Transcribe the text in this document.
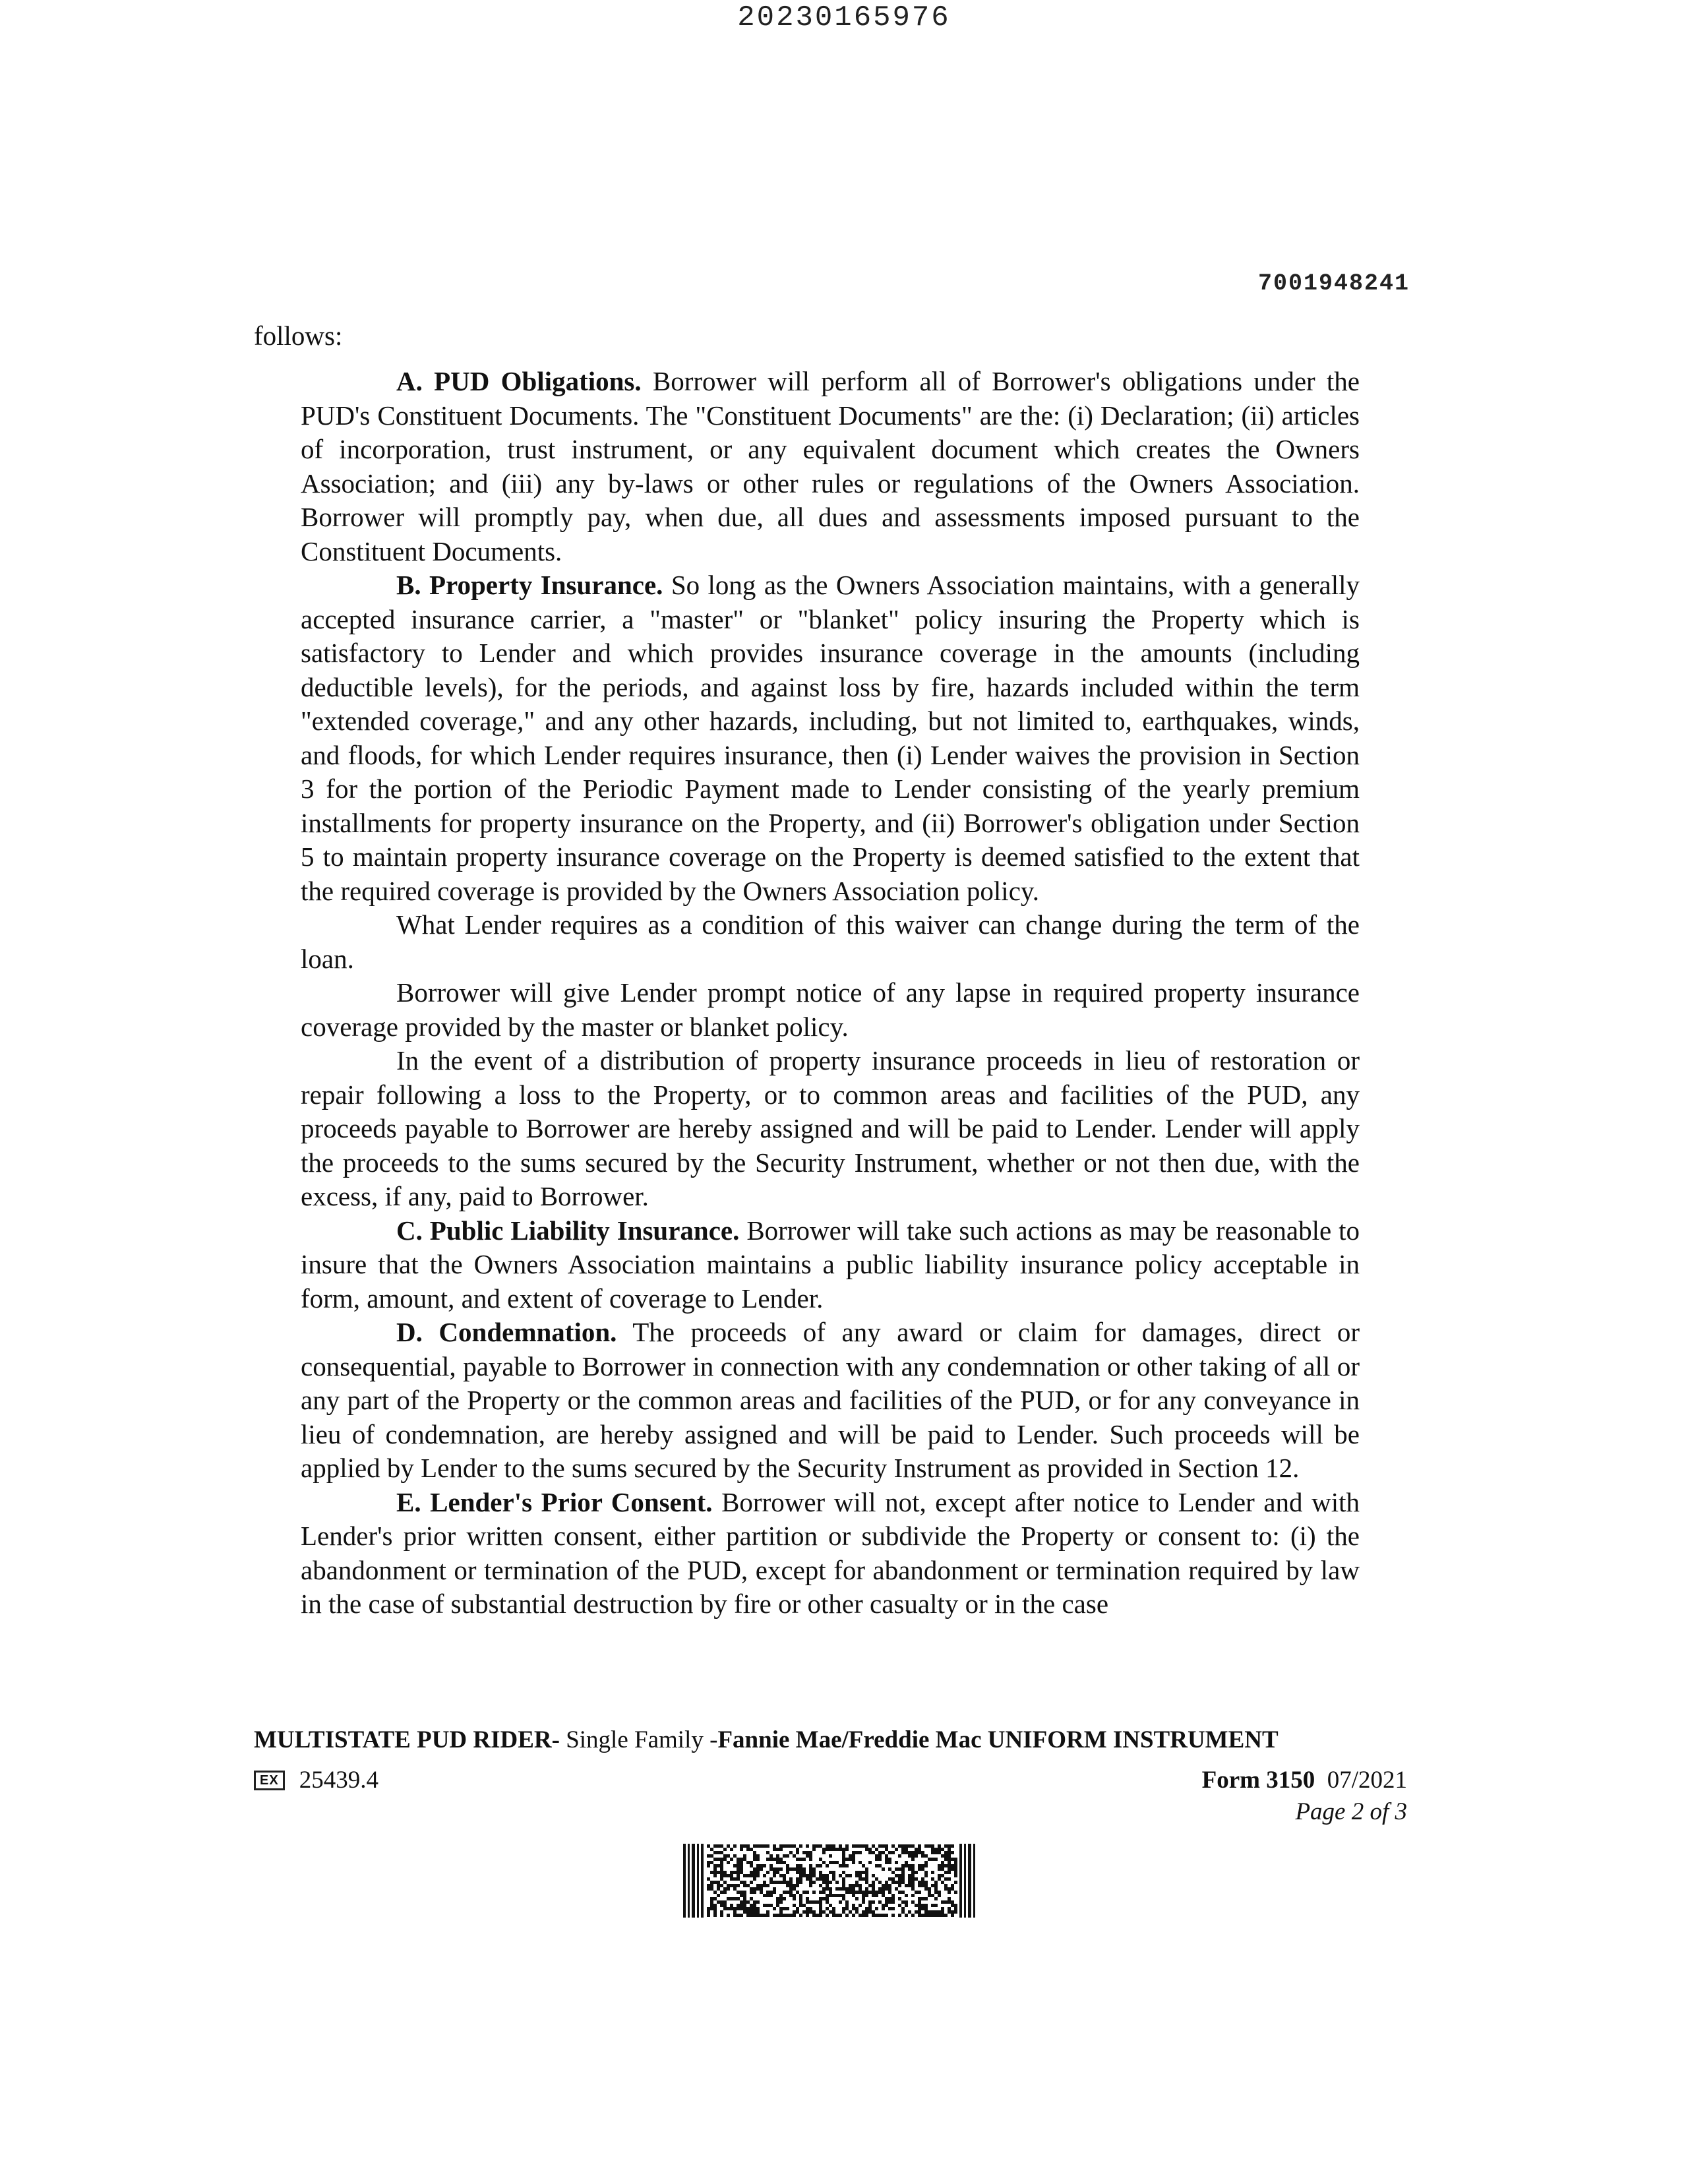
20230165976
7001948241
follows:

A. PUD Obligations. Borrower will perform all of Borrower's obligations under the PUD's Constituent Documents. The "Constituent Documents" are the: (i) Declaration; (ii) articles of incorporation, trust instrument, or any equivalent document which creates the Owners Association; and (iii) any by-laws or other rules or regulations of the Owners Association. Borrower will promptly pay, when due, all dues and assessments imposed pursuant to the Constituent Documents.

B. Property Insurance. So long as the Owners Association maintains, with a generally accepted insurance carrier, a "master" or "blanket" policy insuring the Property which is satisfactory to Lender and which provides insurance coverage in the amounts (including deductible levels), for the periods, and against loss by fire, hazards included within the term "extended coverage," and any other hazards, including, but not limited to, earthquakes, winds, and floods, for which Lender requires insurance, then (i) Lender waives the provision in Section 3 for the portion of the Periodic Payment made to Lender consisting of the yearly premium installments for property insurance on the Property, and (ii) Borrower's obligation under Section 5 to maintain property insurance coverage on the Property is deemed satisfied to the extent that the required coverage is provided by the Owners Association policy.

What Lender requires as a condition of this waiver can change during the term of the loan.

Borrower will give Lender prompt notice of any lapse in required property insurance coverage provided by the master or blanket policy.

In the event of a distribution of property insurance proceeds in lieu of restoration or repair following a loss to the Property, or to common areas and facilities of the PUD, any proceeds payable to Borrower are hereby assigned and will be paid to Lender. Lender will apply the proceeds to the sums secured by the Security Instrument, whether or not then due, with the excess, if any, paid to Borrower.

C. Public Liability Insurance. Borrower will take such actions as may be reasonable to insure that the Owners Association maintains a public liability insurance policy acceptable in form, amount, and extent of coverage to Lender.

D. Condemnation. The proceeds of any award or claim for damages, direct or consequential, payable to Borrower in connection with any condemnation or other taking of all or any part of the Property or the common areas and facilities of the PUD, or for any conveyance in lieu of condemnation, are hereby assigned and will be paid to Lender. Such proceeds will be applied by Lender to the sums secured by the Security Instrument as provided in Section 12.

E. Lender's Prior Consent. Borrower will not, except after notice to Lender and with Lender's prior written consent, either partition or subdivide the Property or consent to: (i) the abandonment or termination of the PUD, except for abandonment or termination required by law in the case of substantial destruction by fire or other casualty or in the case

MULTISTATE PUD RIDER- Single Family -Fannie Mae/Freddie Mac UNIFORM INSTRUMENT
EX 25439.4	Form 3150 07/2021
Page 2 of 3
